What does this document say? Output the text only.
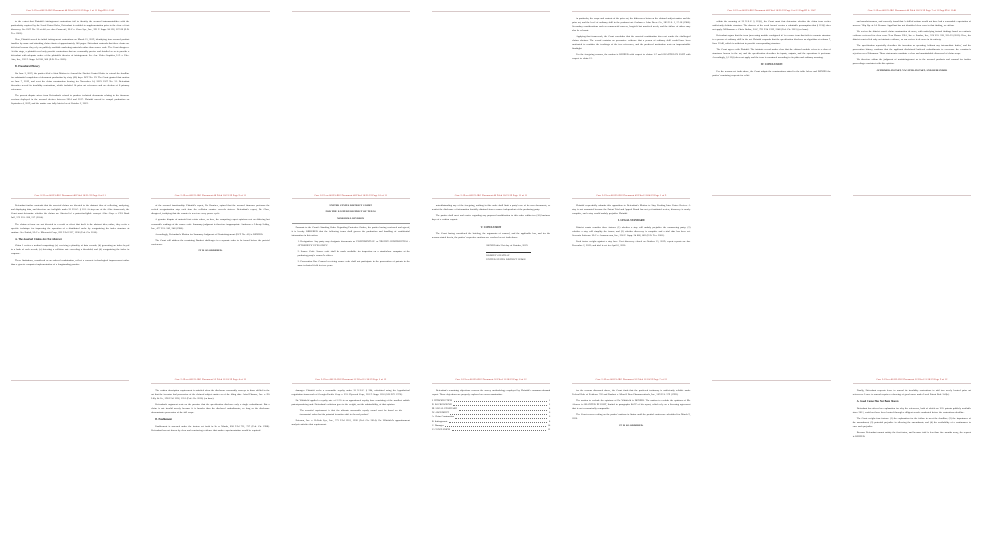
Case 2:19-cv-00123-JRG Document 48 Filed 10/21/19 Page 1 of 11 PageID #: 1142

to the extent that Plaintiff's infringement contentions fail to identify the accused instrumentalities with the particularity required by the Local Patent Rules, Defendant is entitled to supplementation prior to the close of fact discovery. See ECF No. 32 at 4-6; see also Connectel, LLC v. Cisco Sys., Inc., 391 F. Supp. 2d 526, 527-28 (E.D. Tex. 2005).

Here, Plaintiff served its initial infringement contentions on March 15, 2019, identifying four accused product families by name and attaching claim charts of approximately 140 pages. Defendant contends that these charts are deficient because they rely on publicly available marketing materials rather than source code. The Court disagrees. At this stage, a plaintiff need only provide contentions that are reasonably precise and detailed so as to provide a defendant with adequate notice of the plaintiff's theories of infringement. See Am. Video Graphics, L.P. v. Elec. Arts, Inc., 359 F. Supp. 2d 558, 560 (E.D. Tex. 2005).

B. Procedural History

On June 3, 2019, the parties filed a Joint Motion to Amend the Docket Control Order to extend the deadline for substantial completion of document production by sixty (60) days. ECF No. 29. The Court granted that motion on June 7, 2019, and reset the claim construction hearing for November 14, 2019. ECF No. 31. Defendant thereafter served its invalidity contentions, which included 14 prior art references and an election of 8 primary references.

The present dispute arises from Defendant's refusal to produce technical documents relating to the firmware versions deployed in the accused devices between 2014 and 2017. Plaintiff moved to compel production on September 4, 2019, and the matter was fully briefed as of October 2, 2019.

in particular, the scope and content of the prior art, the differences between the claimed subject matter and the prior art, and the level of ordinary skill in the pertinent art. Graham v. John Deere Co., 383 U.S. 1, 17-18 (1966). Secondary considerations such as commercial success, long-felt but unsolved needs, and the failure of others may also be relevant.

Applying that framework, the Court concludes that the asserted combination does not render the challenged claims obvious. The record contains no persuasive evidence that a person of ordinary skill would have been motivated to combine the teachings of the two references, and the proffered motivation rests on impermissible hindsight.

For the foregoing reasons, the motion is DENIED with respect to claims 1-7 and GRANTED IN PART with respect to claim 12.

Case 2:19-cv-00123-JRG Document 48 Filed 10/21/19 Page 6 of 11 PageID #: 1147

within the meaning of 35 U.S.C. § 112(f), the Court must first determine whether the claim term recites sufficiently definite structure. The absence of the word 'means' creates a rebuttable presumption that § 112(f) does not apply. Williamson v. Citrix Online, LLC, 792 F.3d 1339, 1348 (Fed. Cir. 2015) (en banc).

Defendant argues that the term 'processing module configured to' is a nonce term that fails to connote structure to a person of ordinary skill in the art. Plaintiff responds that the specification discloses an algorithm at column 7, lines 22-48, which is sufficient to provide corresponding structure.

The Court agrees with Plaintiff. The intrinsic record makes clear that the claimed module refers to a class of structures known in the art, and the specification describes its inputs, outputs, and the operations it performs. Accordingly, § 112(f) does not apply and the term is construed according to its plain and ordinary meaning.

IV. CONCLUSION

For the reasons set forth above, the Court adopts the constructions stated in the table below and DENIES the parties' remaining requests for relief.

Case 2:19-cv-00123-JRG Document 48 Filed 10/21/19 Page 7 of 11 PageID #: 1148

and nonobviousness, and correctly found that 'a skilled artisan would not have had a reasonable expectation of success.' Slip Op. at 14. Because Appellant has not identified clear error in that finding, we affirm.

We review the district court's claim construction de novo, with underlying factual findings based on extrinsic evidence reviewed for clear error. Teva Pharm. USA, Inc. v. Sandoz, Inc., 574 U.S. 318, 331-33 (2015). Here, the district court relied only on intrinsic evidence, so our review is de novo in its entirety.

The specification repeatedly describes the invention as operating 'without any intermediate buffer,' and the prosecution history confirms that the applicant disclaimed buffered embodiments to overcome the examiner's rejection over Nakamura. Those statements constitute a clear and unmistakable disavowal of claim scope.

We therefore affirm the judgment of noninfringement as to the accused products and remand for further proceedings consistent with this opinion.

AFFIRMED-IN-PART, VACATED-IN-PART, AND REMANDED

Case 2:19-cv-00123-JRG Document 48 Filed 10/21/19 Page 8 of 11

Defendant further contends that the asserted claims are directed to the abstract idea of collecting, analyzing, and displaying data, and therefore are ineligible under 35 U.S.C. § 101. At step one of the Alice framework, the Court must determine whether the claims are 'directed to' a patent-ineligible concept. Alice Corp. v. CLS Bank Int'l, 573 U.S. 208, 217 (2014).

The claims at issue are not directed to a result or effect that itself is the abstract idea; rather, they recite a specific technique for improving the operation of a distributed cache by reorganizing the index structure at runtime. See Enfish, LLC v. Microsoft Corp., 822 F.3d 1327, 1336 (Fed. Cir. 2016).

A. The Asserted Claims Are Not Abstract

Claim 1 recites a method comprising: (a) receiving a plurality of data records; (b) generating an index keyed to a hash of each record; (c) detecting a collision rate exceeding a threshold; and (d) reorganizing the index in response.

These limitations, considered as an ordered combination, reflect a concrete technological improvement rather than a generic computer implementation of a longstanding practice.

Case 2:19-cv-00123-JRG Document 48 Filed 10/21/19 Page 9 of 11

of the accused functionality. Plaintiff's expert, Dr. Ramirez, opined that the accused firmware performs the recited reorganization step each time the collision counter exceeds sixteen. Defendant's expert, Dr. Chen, disagreed, testifying that the counter is reset on every power cycle.

A genuine dispute of material fact exists where, as here, the competing expert opinions rest on differing but reasonable readings of the source code. Summary judgment is therefore inappropriate. Anderson v. Liberty Lobby, Inc., 477 U.S. 242, 248 (1986).

Accordingly, Defendant's Motion for Summary Judgment of Noninfringement (ECF No. 41) is DENIED.

The Court will address the remaining Daubert challenges in a separate order to be issued before the pretrial conference.

IT IS SO ORDERED.

Case 2:19-cv-00123-JRG Document 48 Filed 10/21/19 Page 10 of 11

UNITED STATES DISTRICT COURT

FOR THE EASTERN DISTRICT OF TEXAS

MARSHALL DIVISION

Pursuant to the Court's Standing Order Regarding Protective Orders, the parties having conferred and agreed, it is hereby ORDERED that the following terms shall govern the production and handling of confidential information in this action.

1. Designation. Any party may designate documents as 'CONFIDENTIAL' or 'HIGHLY CONFIDENTIAL - ATTORNEYS' EYES ONLY.'

2. Source Code. Source code shall be made available for inspection on a stand-alone computer at the producing party's counsel's offices.

3. Prosecution Bar. Counsel receiving source code shall not participate in the prosecution of patents in the same technical field for two years.

Case 2:19-cv-00123-JRG Document 48 Filed 10/21/19 Page 11 of 11

notwithstanding any of the foregoing, nothing in this order shall limit a party's use of its own documents, or restrict the disclosure of information lawfully obtained from a source independent of the producing party.

The parties shall meet and confer regarding any proposed modification to this order within ten (10) business days of a written request.

V. CONCLUSION

The Court having considered the briefing, the arguments of counsel, and the applicable law, and for the reasons stated herein, the parties' respective motions are resolved as set forth above.

SIGNED this 21st day of October, 2019.
RODNEY GILSTRAP
UNITED STATES DISTRICT JUDGE
Case 2:19-cv-00123-JRG Document 49 Filed 11/04/19 Page 1 of 9

Plaintiff respectfully submits this opposition to Defendant's Motion to Stay Pending Inter Partes Review. A stay is not warranted because the Patent Trial and Appeal Board has not yet instituted review, discovery is nearly complete, and a stay would unduly prejudice Plaintiff.

I. LEGAL STANDARD

District courts consider three factors: (1) whether a stay will unduly prejudice the nonmoving party; (2) whether a stay will simplify the issues; and (3) whether discovery is complete and a trial date has been set. Soverain Software LLC v. Amazon.com, Inc., 356 F. Supp. 2d 660, 662 (E.D. Tex. 2005).

Each factor weighs against a stay here. Fact discovery closed on October 15, 2019; expert reports are due December 2, 2019; and trial is set for April 6, 2020.

Case 2:19-cv-00123-JRG Document 52 Filed 11/18/19 Page 4 of 12

The written description requirement is satisfied when the disclosure reasonably conveys to those skilled in the art that the inventor had possession of the claimed subject matter as of the filing date. Ariad Pharms., Inc. v. Eli Lilly & Co., 598 F.3d 1336, 1351 (Fed. Cir. 2010) (en banc).

Defendant's argument rests on the premise that the specification discloses only a single embodiment. But a claim is not invalid merely because it is broader than the disclosed embodiments, so long as the disclosure demonstrates possession of the full scope.

B. Enablement

Enablement is assessed under the factors set forth in In re Wands, 858 F.2d 731, 737 (Fed. Cir. 1988). Defendant has not shown by clear and convincing evidence that undue experimentation would be required.

Case 2:19-cv-00123-JRG Document 52 Filed 11/18/19 Page 5 of 12

damages. Plaintiff seeks a reasonable royalty under 35 U.S.C. § 284, calculated using the hypothetical negotiation framework of Georgia-Pacific Corp. v. U.S. Plywood Corp., 318 F. Supp. 1116 (S.D.N.Y. 1970).

Dr. Whitfield applied a royalty rate of 2.1% to an apportioned royalty base consisting of the smallest salable patent-practicing unit. Defendant's criticism goes to the weight, not the admissibility, of that opinion.

'The essential requirement is that the ultimate reasonable royalty award must be based on the incremental value that the patented invention adds to the end product.'

Ericsson, Inc. v. D-Link Sys., Inc., 773 F.3d 1201, 1226 (Fed. Cir. 2014). Dr. Whitfield's apportionment analysis satisfies that requirement.

Case 2:19-cv-00123-JRG Document 52 Filed 11/18/19 Page 6 of 12

Defendant's remaining objections concern the survey methodology employed by Plaintiff's consumer-demand expert. Those objections are properly explored on cross-examination.

I. INTRODUCTION	1
II. BACKGROUND	2
III. LEGAL STANDARD	4
IV. ARGUMENT	6
A. Claim Construction	6
B. Infringement	8
C. Damages	10
V. CONCLUSION	12
Case 2:19-cv-00123-JRG Document 52 Filed 11/18/19 Page 7 of 12

for the reasons discussed above, the Court finds that the proffered testimony is sufficiently reliable under Federal Rule of Evidence 702 and Daubert v. Merrell Dow Pharmaceuticals, Inc., 509 U.S. 579 (1993).

The motion to exclude the opinions of Dr. Whitfield is DENIED. The motion to exclude the opinions of Mr. Alvarez is GRANTED IN PART, limited to paragraphs 84-97 of his report, which rely on a licensing agreement that is not economically comparable.

The Court reserves ruling on the parties' motions in limine until the pretrial conference scheduled for March 9, 2020.

IT IS SO ORDERED.

Case 2:19-cv-00123-JRG Document 52 Filed 11/18/19 Page 9 of 12

Finally, Defendant requests leave to amend its invalidity contentions to add two newly located prior art references. Leave to amend requires a showing of good cause under Local Patent Rule 3-6(b).

A. Good Cause Has Not Been Shown

Defendant has offered no explanation for why the references, both of which are U.S. patents publicly available since 2011, could not have been located through a diligent search conducted before the contentions deadline.

The Court weighs four factors: (1) the explanation for the failure to meet the deadline; (2) the importance of the amendment; (3) potential prejudice in allowing the amendment; and (4) the availability of a continuance to cure such prejudice.

Because Defendant cannot satisfy the first factor, and because trial is less than five months away, the request is DENIED.
